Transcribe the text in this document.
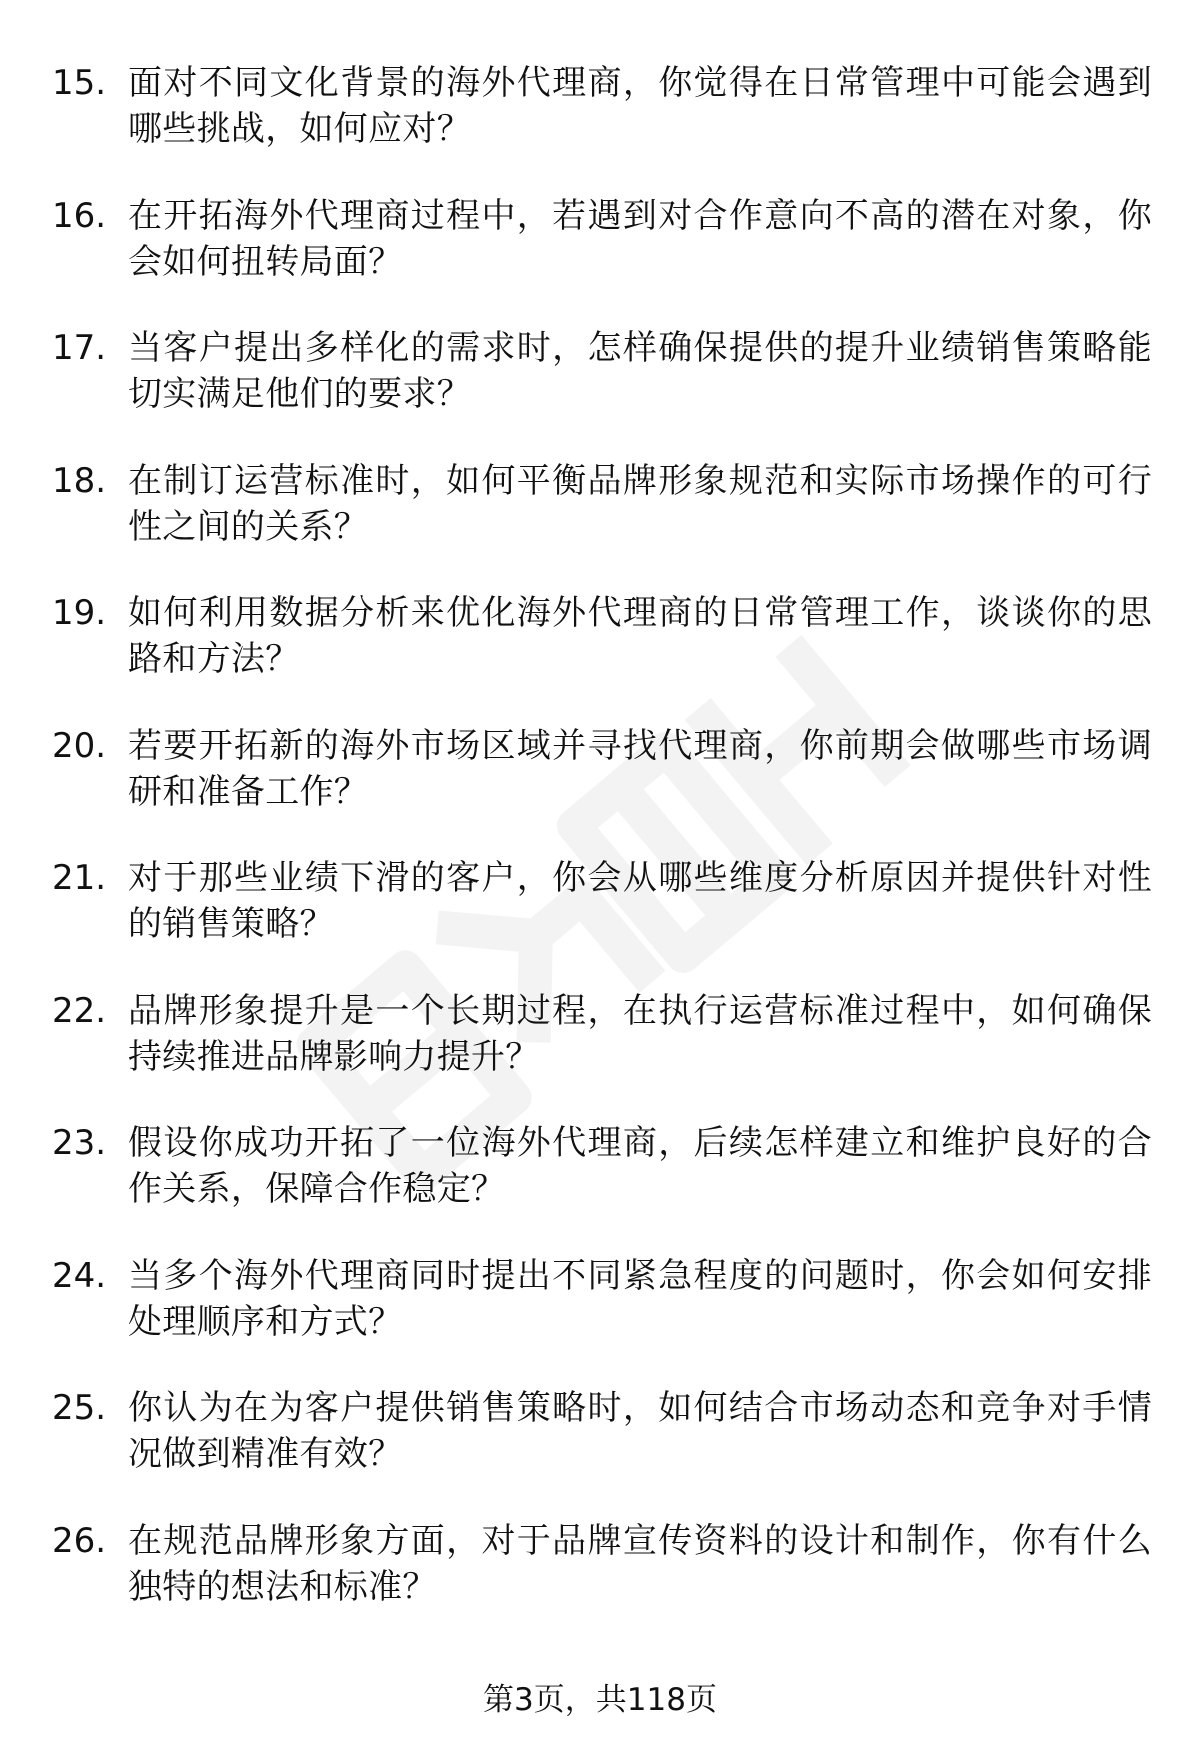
15. 面对不同文化背景的海外代理商，你觉得在日常管理中可能会遇到哪些挑战，如何应对？
16. 在开拓海外代理商过程中，若遇到对合作意向不高的潜在对象，你会如何扭转局面？
17. 当客户提出多样化的需求时，怎样确保提供的提升业绩销售策略能切实满足他们的要求？
18. 在制订运营标准时，如何平衡品牌形象规范和实际市场操作的可行性之间的关系？
19. 如何利用数据分析来优化海外代理商的日常管理工作，谈谈你的思路和方法？
20. 若要开拓新的海外市场区域并寻找代理商，你前期会做哪些市场调研和准备工作？
21. 对于那些业绩下滑的客户，你会从哪些维度分析原因并提供针对性的销售策略？
22. 品牌形象提升是一个长期过程，在执行运营标准过程中，如何确保持续推进品牌影响力提升？
23. 假设你成功开拓了一位海外代理商，后续怎样建立和维护良好的合作关系，保障合作稳定？
24. 当多个海外代理商同时提出不同紧急程度的问题时，你会如何安排处理顺序和方式？
25. 你认为在为客户提供销售策略时，如何结合市场动态和竞争对手情况做到精准有效？
26. 在规范品牌形象方面，对于品牌宣传资料的设计和制作，你有什么独特的想法和标准？
第3页，共118页
